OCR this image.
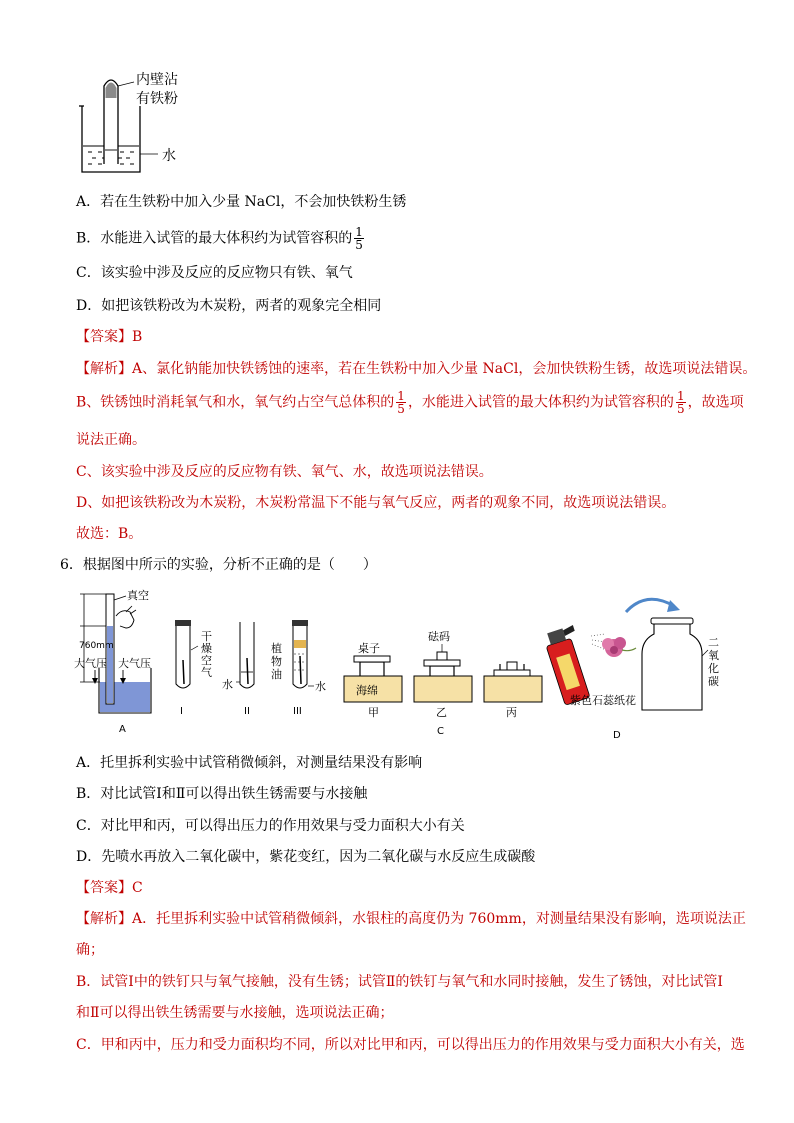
内壁沾
有铁粉
水
A．若在生铁粉中加入少量 NaCl，不会加快铁粉生锈
B．水能进入试管的最大体积约为试管容积的 $\frac{1}{5}$
C．该实验中涉及反应的反应物只有铁、氧气
D．如把该铁粉改为木炭粉，两者的观象完全相同
【答案】B
【解析】A、氯化钠能加快铁锈蚀的速率，若在生铁粉中加入少量 NaCl，会加快铁粉生锈，故选项说法错误。
B、铁锈蚀时消耗氧气和水，氧气约占空气总体积的 $\frac{1}{5}$ ，水能进入试管的最大体积约为试管容积的 $\frac{1}{5}$ ，故选项
说法正确。
C、该实验中涉及反应的反应物有铁、氧气、水，故选项说法错误。
D、如把该铁粉改为木炭粉，木炭粉常温下不能与氧气反应，两者的观象不同，故选项说法错误。
故选：B。
6．根据图中所示的实验，分析不正确的是（　　）
真空
760mm
大气压 大气压
A
干
燥
空
气
I
水
II
植
物
油
水
III
桌子
海绵
甲
砝码
乙	丙
C
二
氧
化
碳
紫色石蕊纸花
D
A．托里拆利实验中试管稍微倾斜，对测量结果没有影响
B．对比试管Ⅰ和Ⅱ可以得出铁生锈需要与水接触
C．对比甲和丙，可以得出压力的作用效果与受力面积大小有关
D．先喷水再放入二氧化碳中，紫花变红，因为二氧化碳与水反应生成碳酸
【答案】C
【解析】A．托里拆利实验中试管稍微倾斜，水银柱的高度仍为 760mm，对测量结果没有影响，选项说法正
确；
B．试管Ⅰ中的铁钉只与氧气接触，没有生锈；试管Ⅱ的铁钉与氧气和水同时接触，发生了锈蚀，对比试管Ⅰ
和Ⅱ可以得出铁生锈需要与水接触，选项说法正确；
C．甲和丙中，压力和受力面积均不同，所以对比甲和丙，可以得出压力的作用效果与受力面积大小有关，选
